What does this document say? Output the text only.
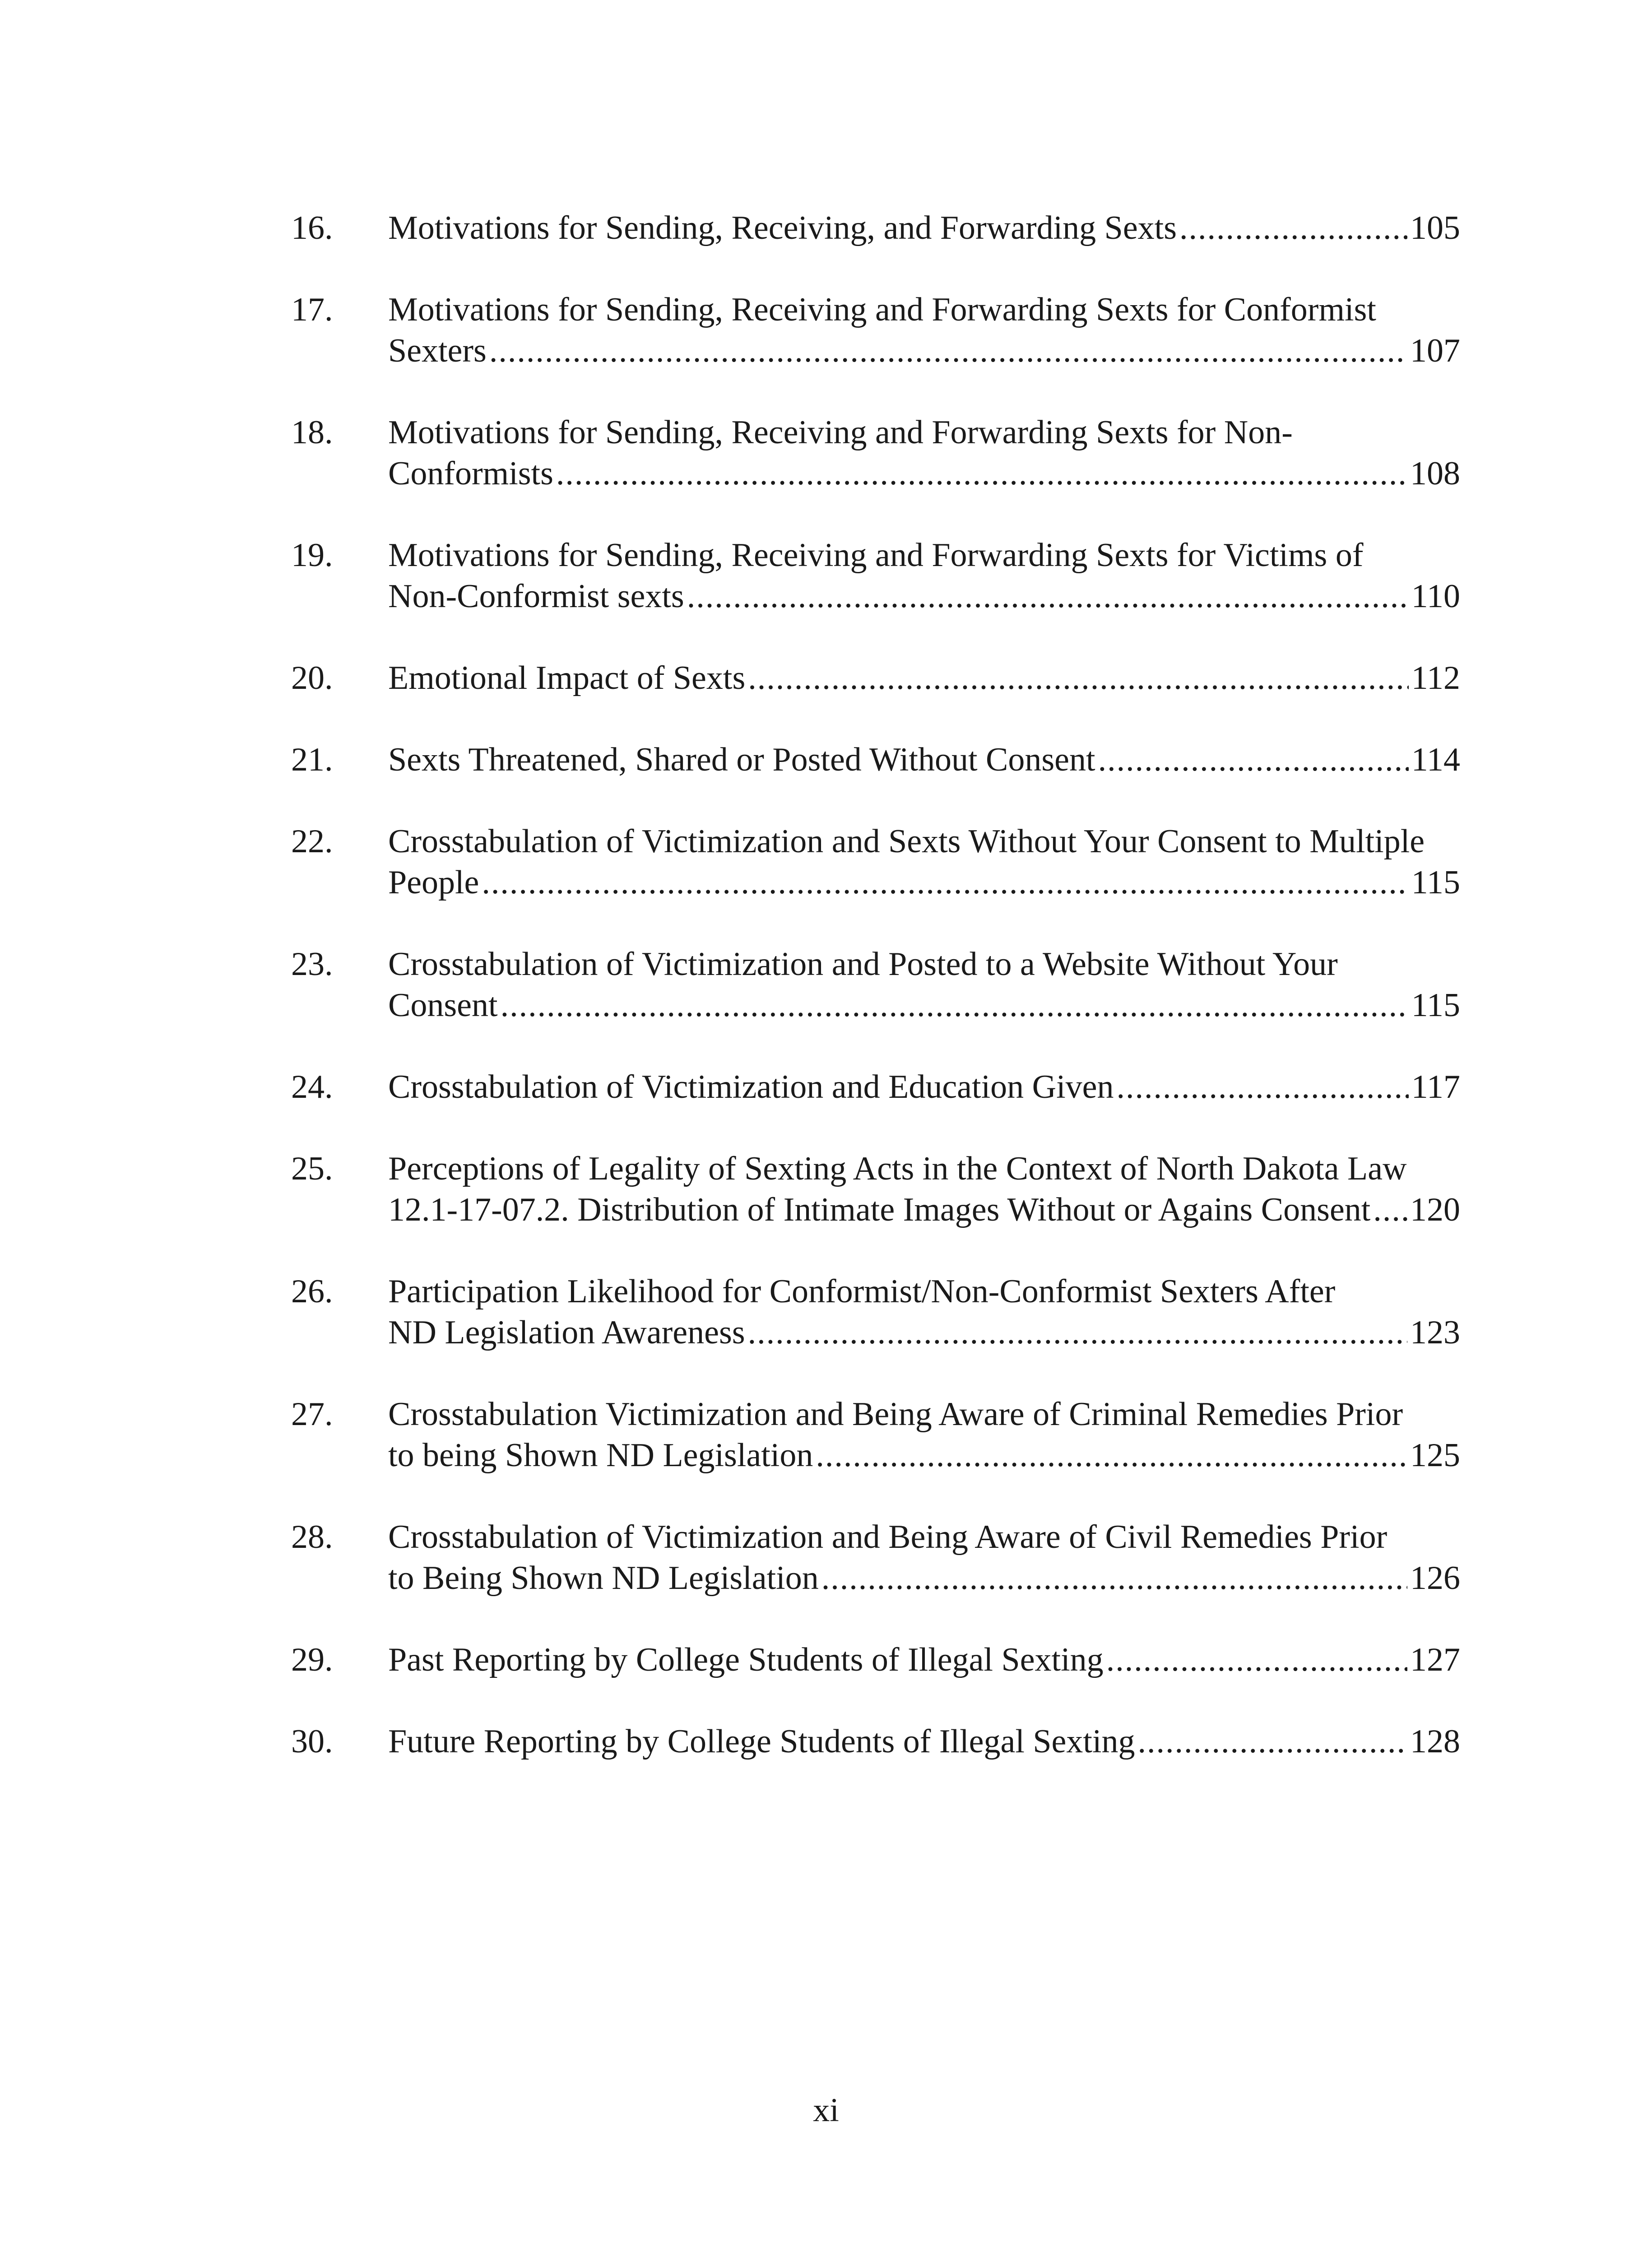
16.	Motivations for Sending, Receiving, and Forwarding Sexts .....	105
17.	Motivations for Sending, Receiving and Forwarding Sexts for Conformist
Sexters .....	107
18.	Motivations for Sending, Receiving and Forwarding Sexts for Non-
Conformists .....	108
19.	Motivations for Sending, Receiving and Forwarding Sexts for Victims of
Non-Conformist sexts .....	110
20.	Emotional Impact of Sexts .....	112
21.	Sexts Threatened, Shared or Posted Without Consent .....	114
22.	Crosstabulation of Victimization and Sexts Without Your Consent to Multiple
People .....	115
23.	Crosstabulation of Victimization and Posted to a Website Without Your
Consent .....	115
24.	Crosstabulation of Victimization and Education Given .....	117
25.	Perceptions of Legality of Sexting Acts in the Context of North Dakota Law
12.1-17-07.2. Distribution of Intimate Images Without or Agains Consent ..... 120
26.	Participation Likelihood for Conformist/Non-Conformist Sexters After
ND Legislation Awareness .....	123
27.	Crosstabulation Victimization and Being Aware of Criminal Remedies Prior
to being Shown ND Legislation .....	125
28.	Crosstabulation of Victimization and Being Aware of Civil Remedies Prior
to Being Shown ND Legislation .....	126
29.	Past Reporting by College Students of Illegal Sexting .....	127
30.	Future Reporting by College Students of Illegal Sexting .....	128
xi
